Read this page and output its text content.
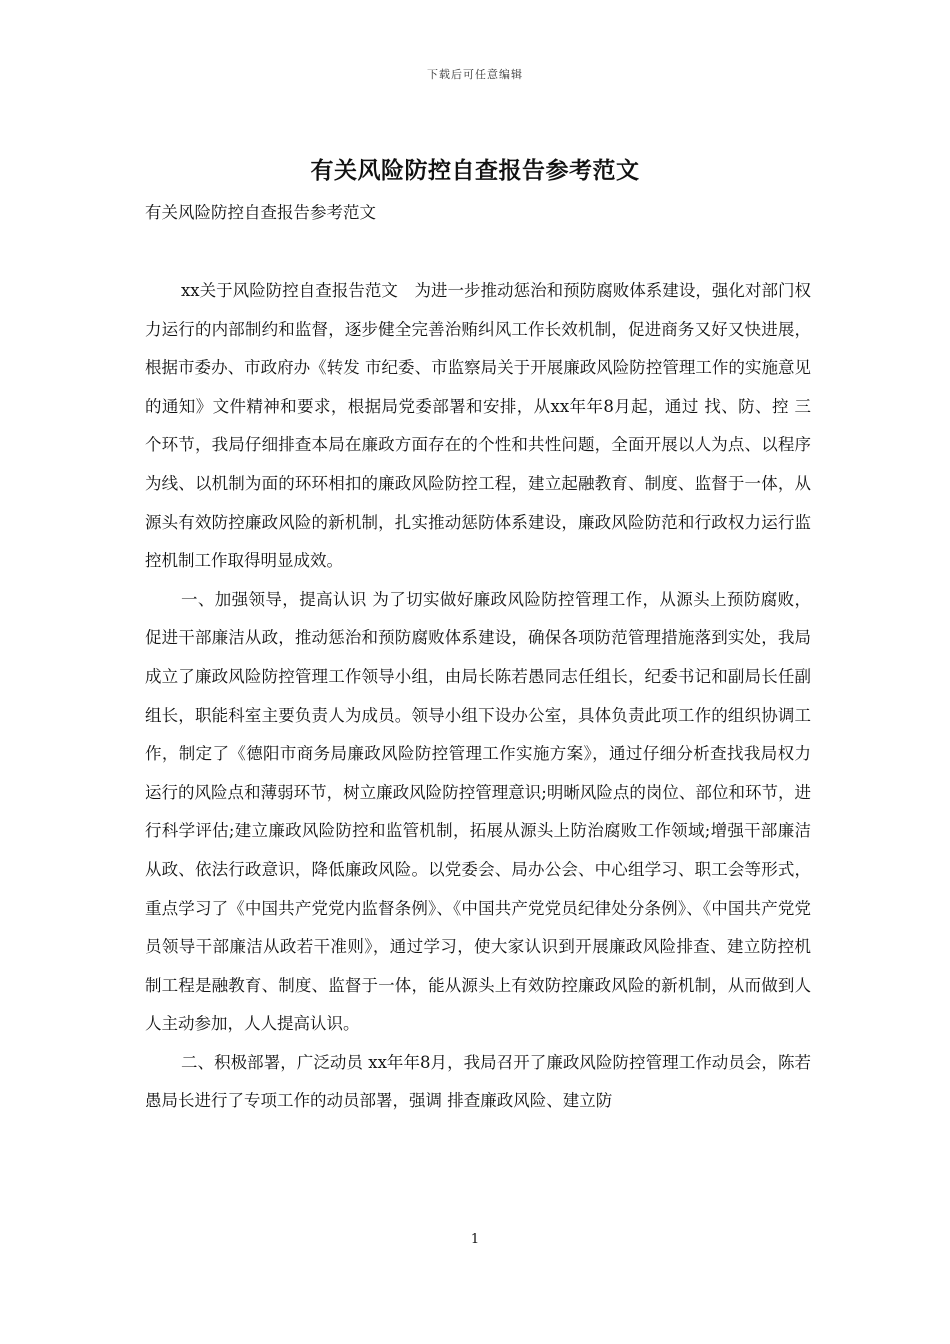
下载后可任意编辑
有关风险防控自查报告参考范文
有关风险防控自查报告参考范文

xx关于风险防控自查报告范文　为进一步推动惩治和预防腐败体系建设，强化对部门权力运行的内部制约和监督，逐步健全完善治贿纠风工作长效机制，促进商务又好又快进展，根据市委办、市政府办《转发 市纪委、市监察局关于开展廉政风险防控管理工作的实施意见 的通知》文件精神和要求，根据局党委部署和安排，从xx年年8月起，通过 找、防、控 三个环节，我局仔细排查本局在廉政方面存在的个性和共性问题，全面开展以人为点、以程序为线、以机制为面的环环相扣的廉政风险防控工程，建立起融教育、制度、监督于一体，从源头有效防控廉政风险的新机制，扎实推动惩防体系建设，廉政风险防范和行政权力运行监控机制工作取得明显成效。

一、加强领导，提高认识 为了切实做好廉政风险防控管理工作，从源头上预防腐败，促进干部廉洁从政，推动惩治和预防腐败体系建设，确保各项防范管理措施落到实处，我局成立了廉政风险防控管理工作领导小组，由局长陈若愚同志任组长，纪委书记和副局长任副组长，职能科室主要负责人为成员。领导小组下设办公室，具体负责此项工作的组织协调工作，制定了《德阳市商务局廉政风险防控管理工作实施方案》，通过仔细分析查找我局权力运行的风险点和薄弱环节，树立廉政风险防控管理意识;明晰风险点的岗位、部位和环节，进行科学评估;建立廉政风险防控和监管机制，拓展从源头上防治腐败工作领域;增强干部廉洁从政、依法行政意识，降低廉政风险。以党委会、局办公会、中心组学习、职工会等形式，重点学习了《中国共产党党内监督条例》、《中国共产党党员纪律处分条例》、《中国共产党党员领导干部廉洁从政若干准则》，通过学习，使大家认识到开展廉政风险排查、建立防控机制工程是融教育、制度、监督于一体，能从源头上有效防控廉政风险的新机制，从而做到人人主动参加，人人提高认识。

二、积极部署，广泛动员 xx年年8月，我局召开了廉政风险防控管理工作动员会，陈若愚局长进行了专项工作的动员部署，强调 排查廉政风险、建立防

1
